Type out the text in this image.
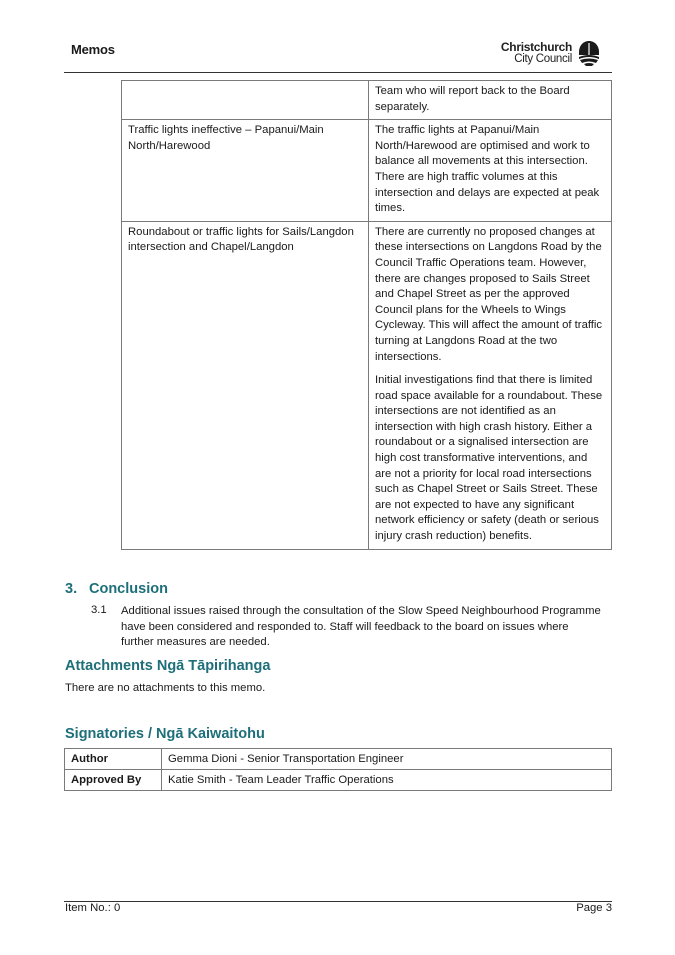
Memos	Christchurch
City Council

	Team who will report back to the Board separately.

Traffic lights ineffective – Papanui/Main North/Harewood	The traffic lights at Papanui/Main North/Harewood are optimised and work to balance all movements at this intersection. There are high traffic volumes at this intersection and delays are expected at peak times.

Roundabout or traffic lights for Sails/Langdon intersection and Chapel/Langdon	There are currently no proposed changes at these intersections on Langdons Road by the Council Traffic Operations team. However, there are changes proposed to Sails Street and Chapel Street as per the approved Council plans for the Wheels to Wings Cycleway. This will affect the amount of traffic turning at Langdons Road at the two intersections.

Initial investigations find that there is limited road space available for a roundabout. These intersections are not identified as an intersection with high crash history. Either a roundabout or a signalised intersection are high cost transformative interventions, and are not a priority for local road intersections such as Chapel Street or Sails Street. These are not expected to have any significant network efficiency or safety (death or serious injury crash reduction) benefits.

3. Conclusion
3.1 Additional issues raised through the consultation of the Slow Speed Neighbourhood Programme have been considered and responded to. Staff will feedback to the board on issues where further measures are needed.
Attachments Ngā Tāpirihanga
There are no attachments to this memo.
Signatories / Ngā Kaiwaitohu
Author	Gemma Dioni - Senior Transportation Engineer
Approved By	Katie Smith - Team Leader Traffic Operations
Item No.: 0	Page 3
